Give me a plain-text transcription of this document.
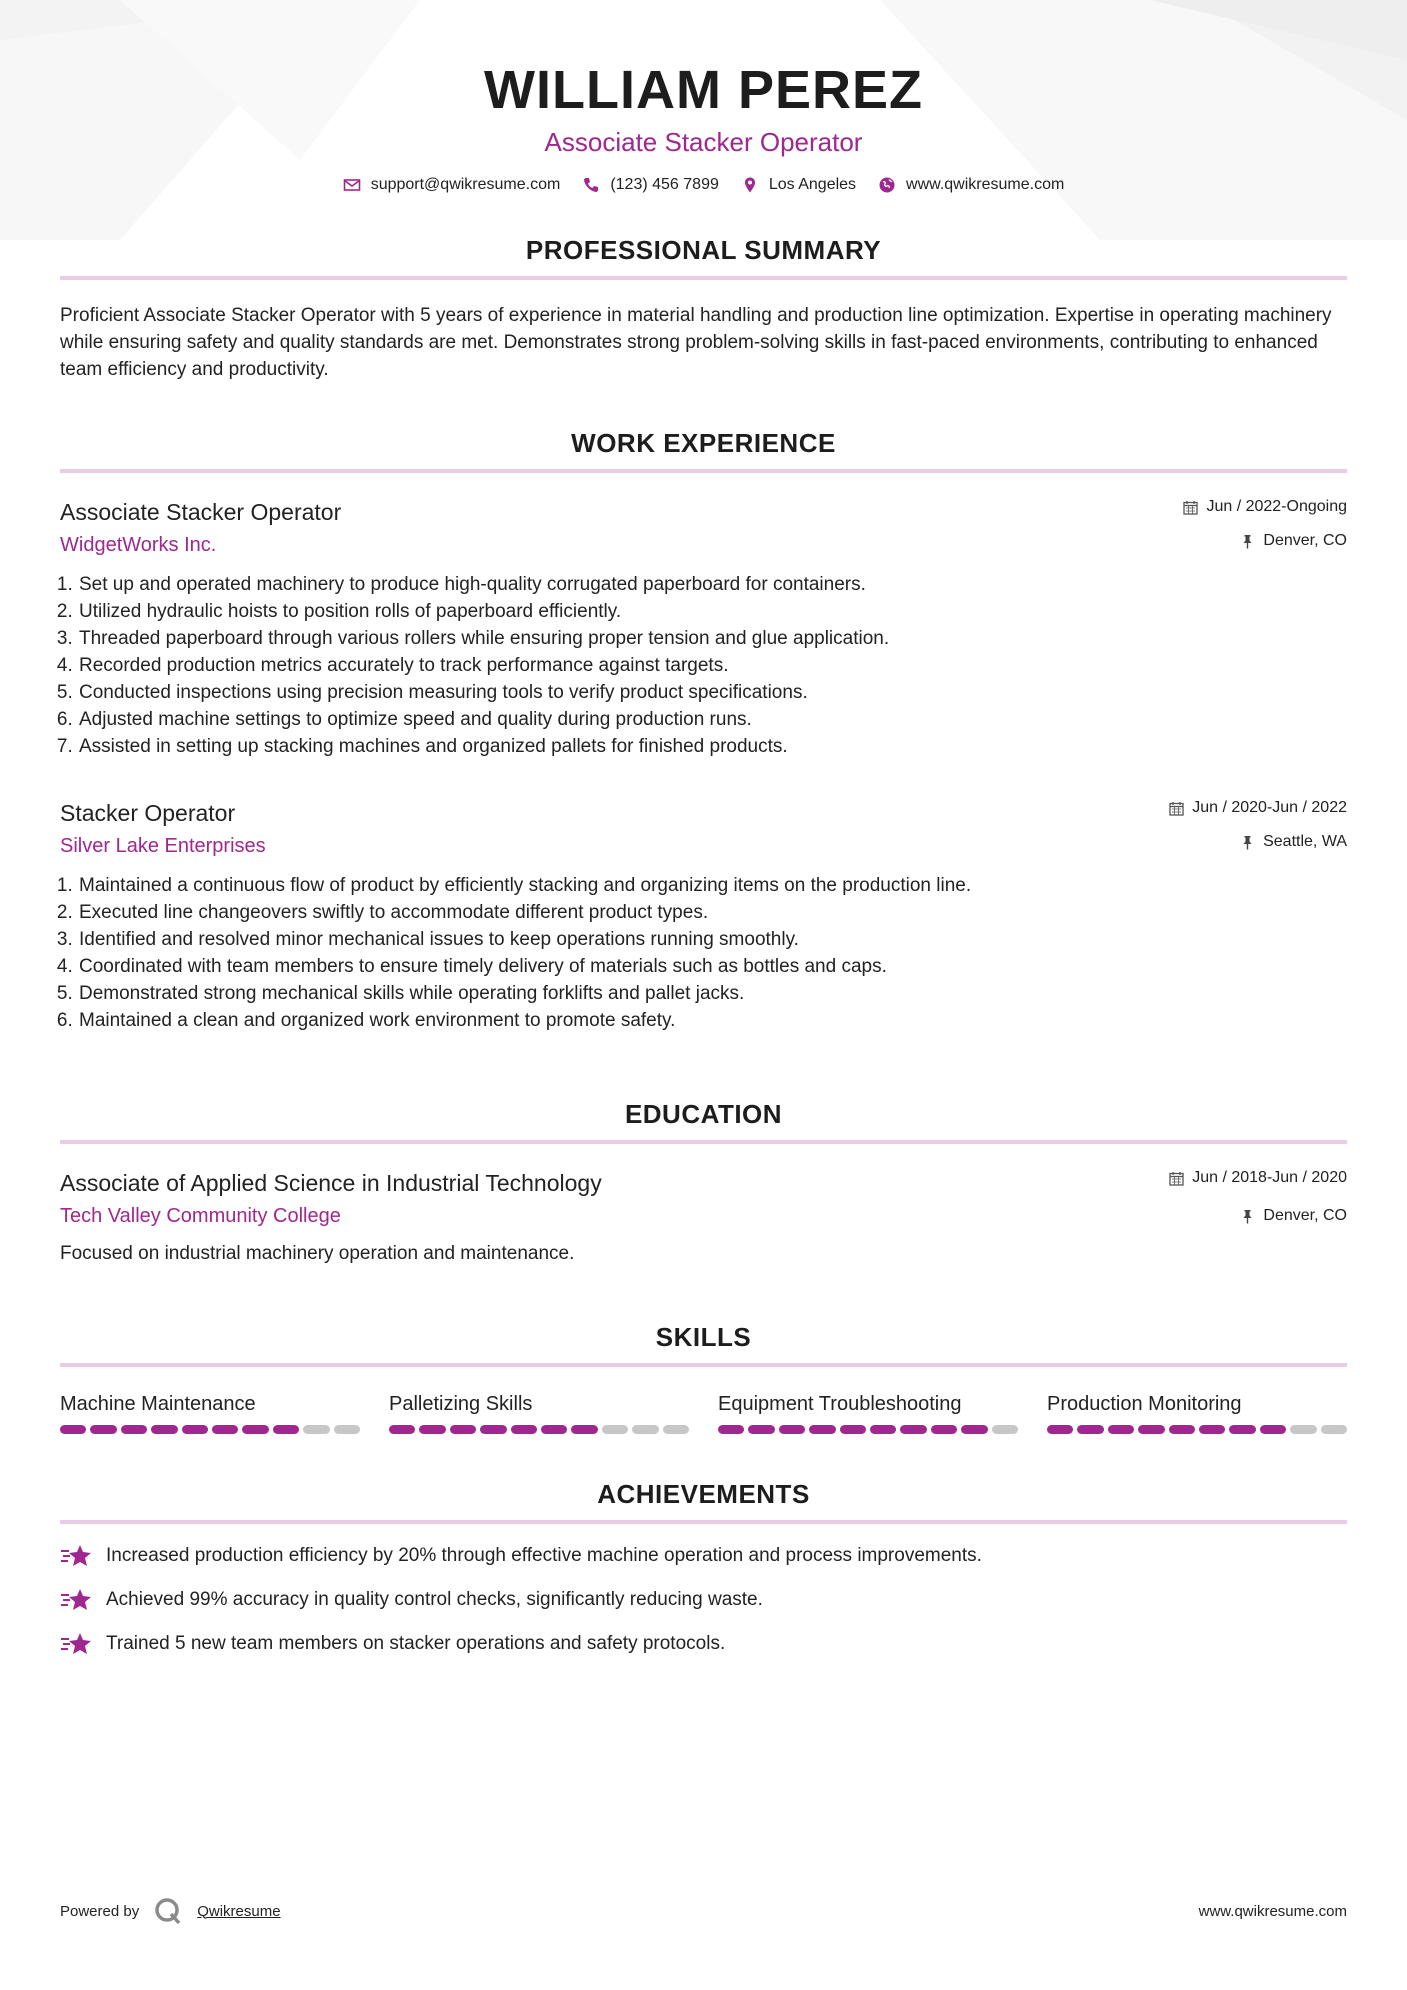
WILLIAM PEREZ
Associate Stacker Operator
support@qwikresume.com	(123) 456 7899	Los Angeles	www.qwikresume.com
PROFESSIONAL SUMMARY

Proficient Associate Stacker Operator with 5 years of experience in material handling and production line optimization. Expertise in operating machinery while ensuring safety and quality standards are met. Demonstrates strong problem-solving skills in fast-paced environments, contributing to enhanced team efficiency and productivity.

WORK EXPERIENCE
Associate Stacker Operator
WidgetWorks Inc.
Jun / 2022-Ongoing
Denver, CO
1. Set up and operated machinery to produce high-quality corrugated paperboard for containers.
2. Utilized hydraulic hoists to position rolls of paperboard efficiently.
3. Threaded paperboard through various rollers while ensuring proper tension and glue application.
4. Recorded production metrics accurately to track performance against targets.
5. Conducted inspections using precision measuring tools to verify product specifications.
6. Adjusted machine settings to optimize speed and quality during production runs.
7. Assisted in setting up stacking machines and organized pallets for finished products.
Stacker Operator
Silver Lake Enterprises
Jun / 2020-Jun / 2022
Seattle, WA
1. Maintained a continuous flow of product by efficiently stacking and organizing items on the production line.
2. Executed line changeovers swiftly to accommodate different product types.
3. Identified and resolved minor mechanical issues to keep operations running smoothly.
4. Coordinated with team members to ensure timely delivery of materials such as bottles and caps.
5. Demonstrated strong mechanical skills while operating forklifts and pallet jacks.
6. Maintained a clean and organized work environment to promote safety.
EDUCATION
Associate of Applied Science in Industrial Technology
Tech Valley Community College
Jun / 2018-Jun / 2020
Denver, CO

Focused on industrial machinery operation and maintenance.

SKILLS
Machine Maintenance	Palletizing Skills	Equipment Troubleshooting	Production Monitoring
ACHIEVEMENTS
Increased production efficiency by 20% through effective machine operation and process improvements.
Achieved 99% accuracy in quality control checks, significantly reducing waste.
Trained 5 new team members on stacker operations and safety protocols.
Powered by	Qwikresume	www.qwikresume.com
